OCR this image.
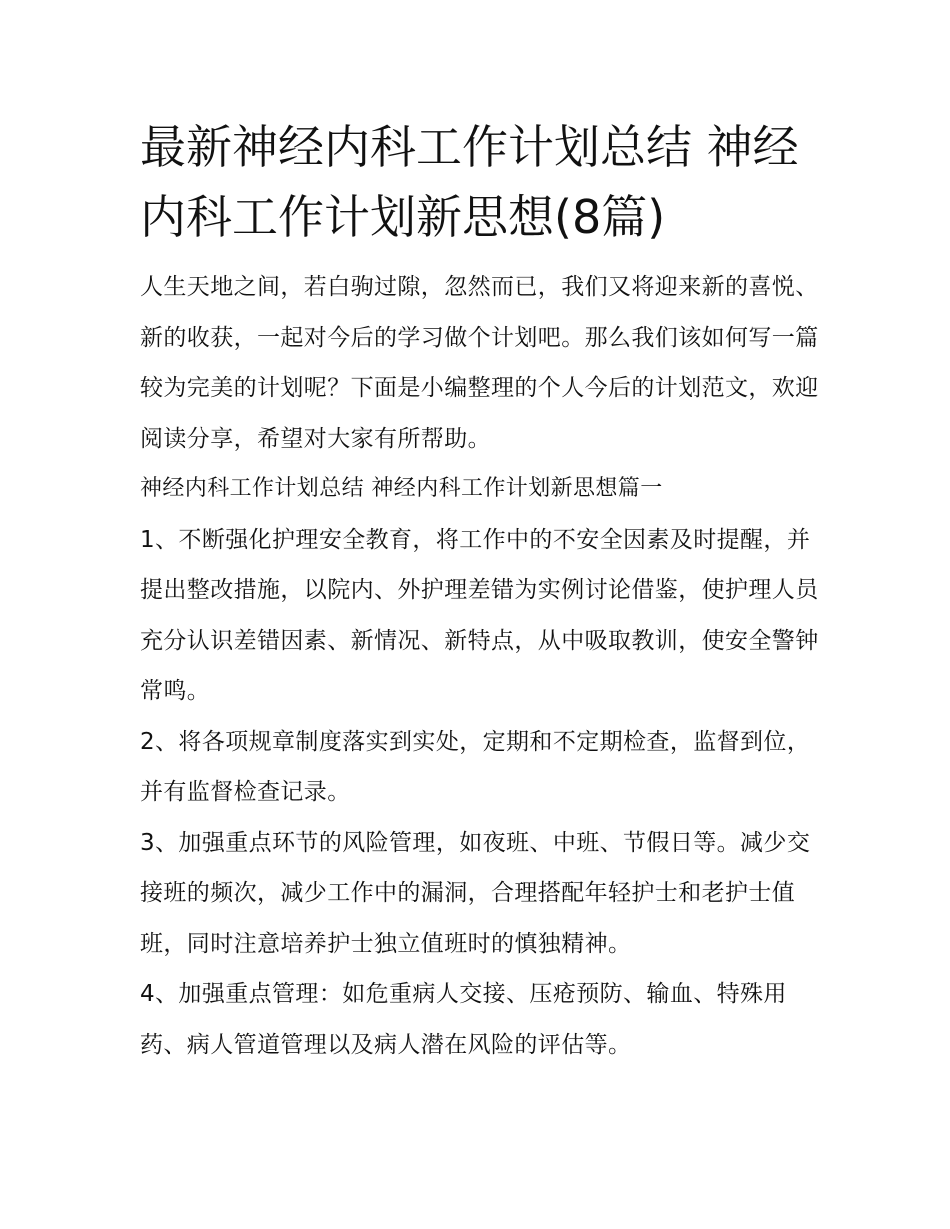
最新神经内科工作计划总结 神经内科工作计划新思想(8篇)

人生天地之间，若白驹过隙，忽然而已，我们又将迎来新的喜悦、新的收获，一起对今后的学习做个计划吧。那么我们该如何写一篇较为完美的计划呢？下面是小编整理的个人今后的计划范文，欢迎阅读分享，希望对大家有所帮助。

神经内科工作计划总结 神经内科工作计划新思想篇一

1、不断强化护理安全教育，将工作中的不安全因素及时提醒，并提出整改措施，以院内、外护理差错为实例讨论借鉴，使护理人员充分认识差错因素、新情况、新特点，从中吸取教训，使安全警钟常鸣。

2、将各项规章制度落实到实处，定期和不定期检查，监督到位，并有监督检查记录。

3、加强重点环节的风险管理，如夜班、中班、节假日等。减少交接班的频次，减少工作中的漏洞，合理搭配年轻护士和老护士值班，同时注意培养护士独立值班时的慎独精神。

4、加强重点管理：如危重病人交接、压疮预防、输血、特殊用药、病人管道管理以及病人潜在风险的评估等。
